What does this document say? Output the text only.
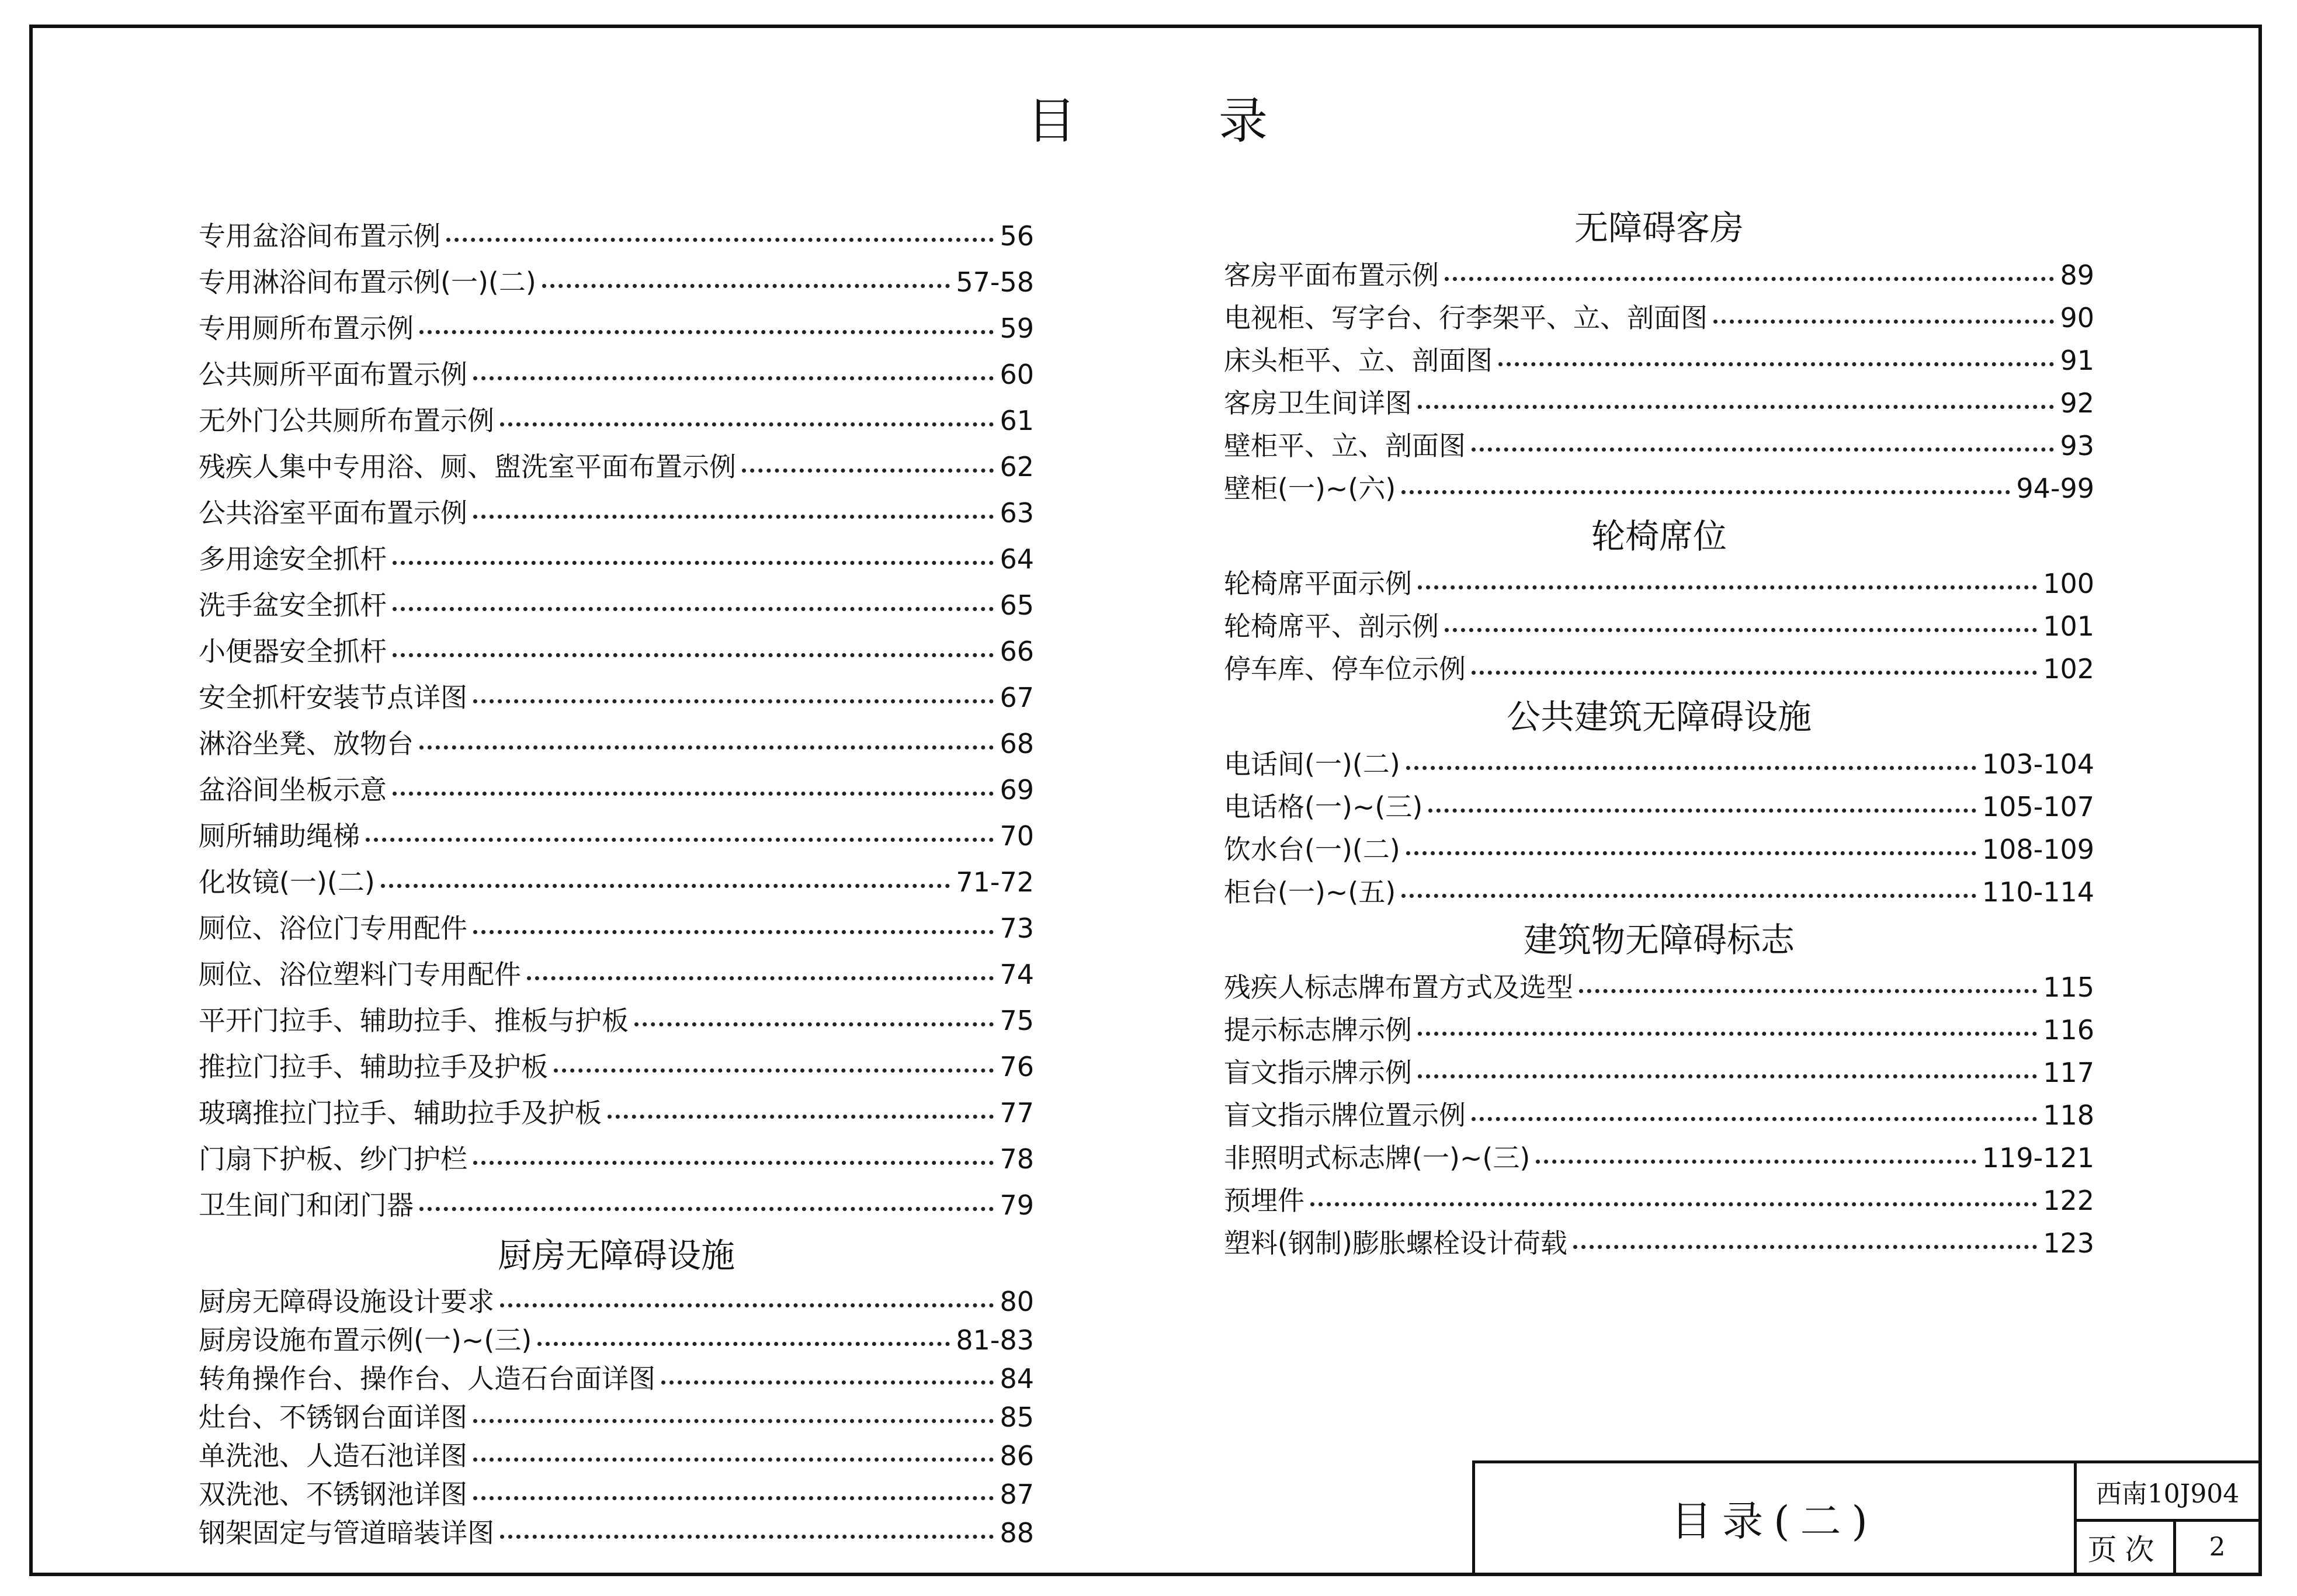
目	录
专用盆浴间布置示例	56
专用淋浴间布置示例(一)(二)	57-58
专用厕所布置示例	59
公共厕所平面布置示例	60
无外门公共厕所布置示例	61
残疾人集中专用浴、厕、盥洗室平面布置示例	62
公共浴室平面布置示例	63
多用途安全抓杆	64
洗手盆安全抓杆	65
小便器安全抓杆	66
安全抓杆安装节点详图	67
淋浴坐凳、放物台	68
盆浴间坐板示意	69
厕所辅助绳梯	70
化妆镜(一)(二)	71-72
厕位、浴位门专用配件	73
厕位、浴位塑料门专用配件	74
平开门拉手、辅助拉手、推板与护板	75
推拉门拉手、辅助拉手及护板	76
玻璃推拉门拉手、辅助拉手及护板	77
门扇下护板、纱门护栏	78
卫生间门和闭门器	79
厨房无障碍设施
厨房无障碍设施设计要求	80
厨房设施布置示例(一)~(三)	81-83
转角操作台、操作台、人造石台面详图	84
灶台、不锈钢台面详图	85
单洗池、人造石池详图	86
双洗池、不锈钢池详图	87
钢架固定与管道暗装详图	88
无障碍客房
客房平面布置示例	89
电视柜、写字台、行李架平、立、剖面图	90
床头柜平、立、剖面图	91
客房卫生间详图	92
壁柜平、立、剖面图	93
壁柜(一)~(六)	94-99
轮椅席位
轮椅席平面示例	100
轮椅席平、剖示例	101
停车库、停车位示例	102
公共建筑无障碍设施
电话间(一)(二)	103-104
电话格(一)~(三)	105-107
饮水台(一)(二)	108-109
柜台(一)~(五)	110-114
建筑物无障碍标志
残疾人标志牌布置方式及选型	115
提示标志牌示例	116
盲文指示牌示例	117
盲文指示牌位置示例	118
非照明式标志牌(一)~(三)	119-121
预埋件	122
塑料(钢制)膨胀螺栓设计荷载	123
目录(二)
西南10J904
页次	2
